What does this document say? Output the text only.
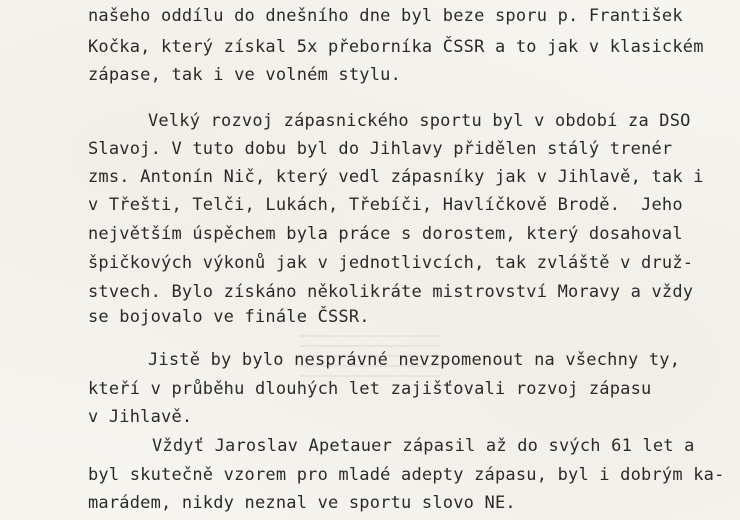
našeho oddílu do dnešního dne byl beze sporu p. František
Kočka, který získal 5x přeborníka ČSSR a to jak v klasickém
zápase, tak i ve volném stylu.
Velký rozvoj zápasnického sportu byl v období za DSO
Slavoj. V tuto dobu byl do Jihlavy přidělen stálý trenér
zms. Antonín Nič, který vedl zápasníky jak v Jihlavě, tak i
v Třešti, Telči, Lukách, Třebíči, Havlíčkově Brodě.  Jeho
největším úspěchem byla práce s dorostem, který dosahoval
špičkových výkonů jak v jednotlivcích, tak zvláště v druž-
stvech. Bylo získáno několikráte mistrovství Moravy a vždy
se bojovalo ve finále ČSSR.
Jistě by bylo nesprávné nevzpomenout na všechny ty,
kteří v průběhu dlouhých let zajišťovali rozvoj zápasu
v Jihlavě.
Vždyť Jaroslav Apetauer zápasil až do svých 61 let a
byl skutečně vzorem pro mladé adepty zápasu, byl i dobrým ka-
marádem, nikdy neznal ve sportu slovo NE.
